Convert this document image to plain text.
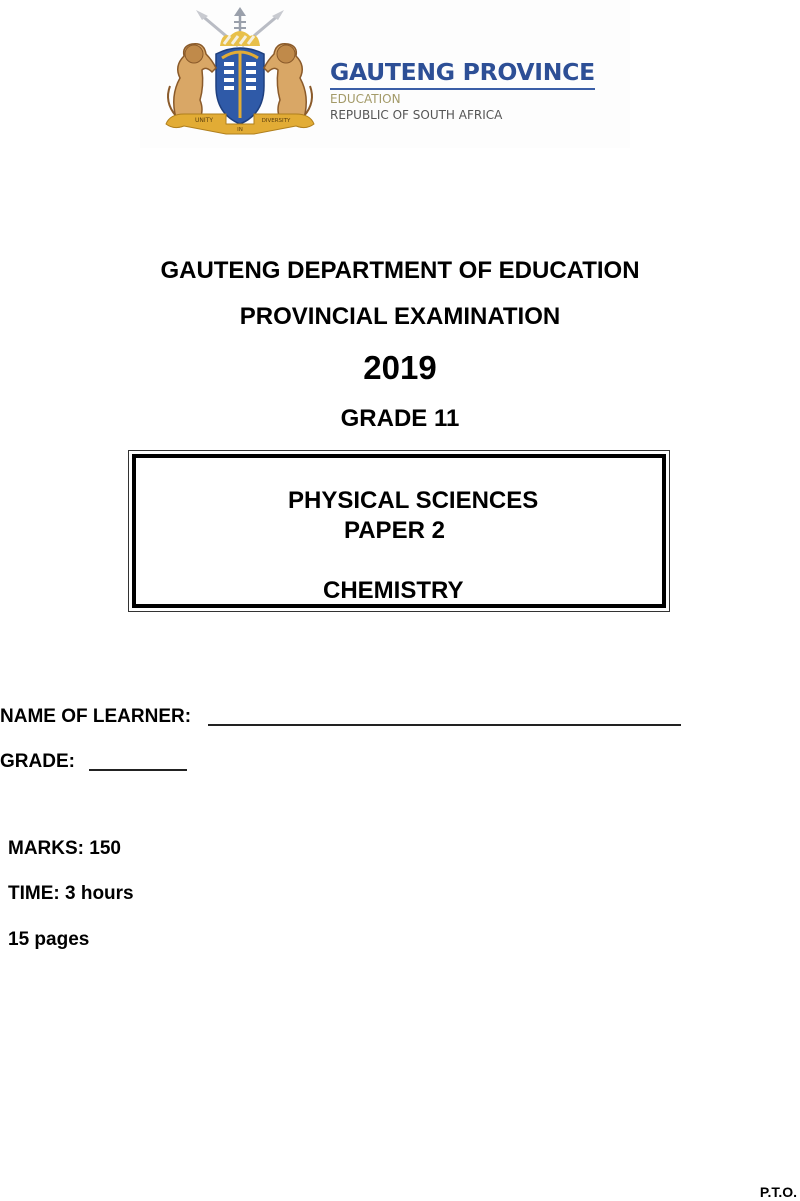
UNITY
IN
DIVERSITY
GAUTENG PROVINCE
EDUCATION
REPUBLIC OF SOUTH AFRICA
GAUTENG DEPARTMENT OF EDUCATION
PROVINCIAL EXAMINATION
2019
GRADE 11
PHYSICAL SCIENCES
PAPER 2
CHEMISTRY
NAME OF LEARNER:
GRADE:
MARKS: 150
TIME: 3 hours
15 pages
P.T.O.
